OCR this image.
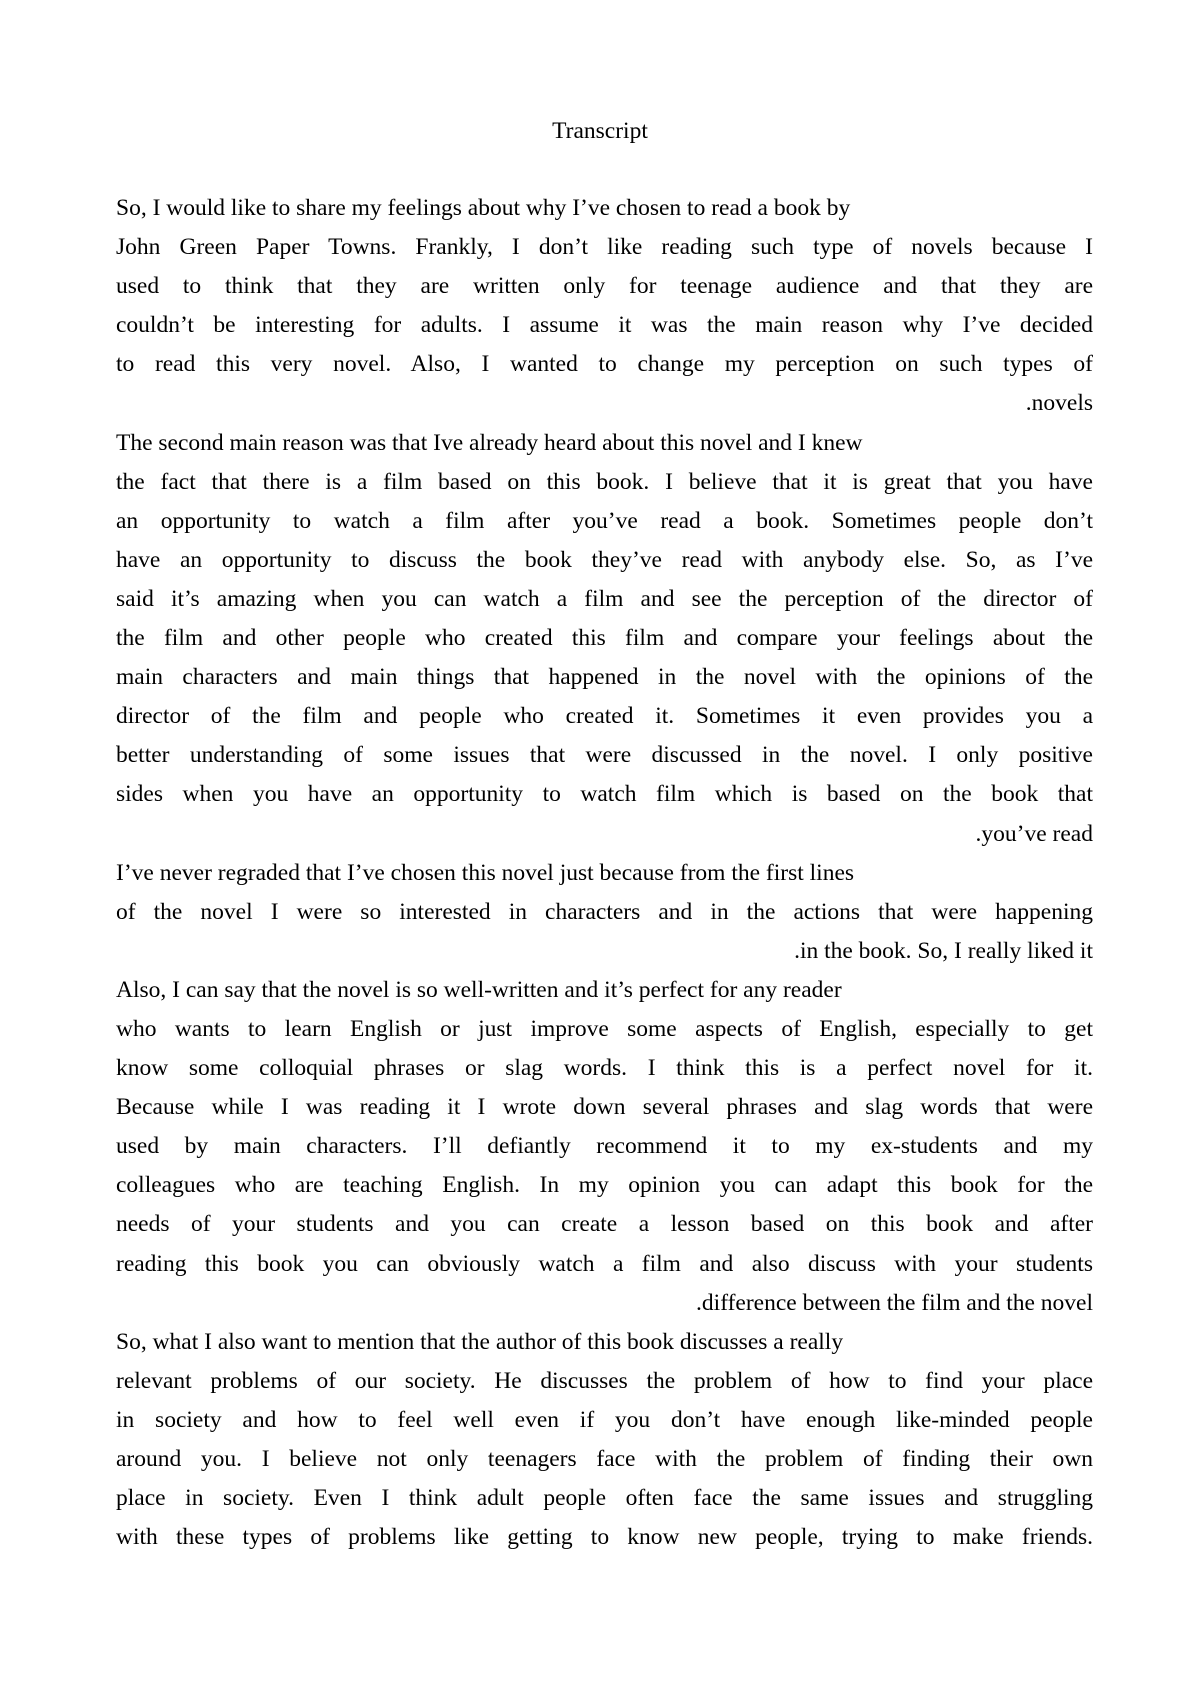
Transcript
So, I would like to share my feelings about why I’ve chosen to read a book by
John Green Paper Towns. Frankly, I don’t like reading such type of novels because I
used to think that they are written only for teenage audience and that they are
couldn’t be interesting for adults. I assume it was the main reason why I’ve decided
to read this very novel. Also, I wanted to change my perception on such types of
.novels
The second main reason was that Ive already heard about this novel and I knew
the fact that there is a film based on this book. I believe that it is great that you have
an opportunity to watch a film after you’ve read a book. Sometimes people don’t
have an opportunity to discuss the book they’ve read with anybody else. So, as I’ve
said it’s amazing when you can watch a film and see the perception of the director of
the film and other people who created this film and compare your feelings about the
main characters and main things that happened in the novel with the opinions of the
director of the film and people who created it. Sometimes it even provides you a
better understanding of some issues that were discussed in the novel. I only positive
sides when you have an opportunity to watch film which is based on the book that
.you’ve read
I’ve never regraded that I’ve chosen this novel just because from the first lines
of the novel I were so interested in characters and in the actions that were happening
.in the book. So, I really liked it
Also, I can say that the novel is so well-written and it’s perfect for any reader
who wants to learn English or just improve some aspects of English, especially to get
know some colloquial phrases or slag words. I think this is a perfect novel for it.
Because while I was reading it I wrote down several phrases and slag words that were
used by main characters. I’ll defiantly recommend it to my ex-students and my
colleagues who are teaching English. In my opinion you can adapt this book for the
needs of your students and you can create a lesson based on this book and after
reading this book you can obviously watch a film and also discuss with your students
.difference between the film and the novel
So, what I also want to mention that the author of this book discusses a really
relevant problems of our society. He discusses the problem of how to find your place
in society and how to feel well even if you don’t have enough like-minded people
around you. I believe not only teenagers face with the problem of finding their own
place in society. Even I think adult people often face the same issues and struggling
with these types of problems like getting to know new people, trying to make friends.
